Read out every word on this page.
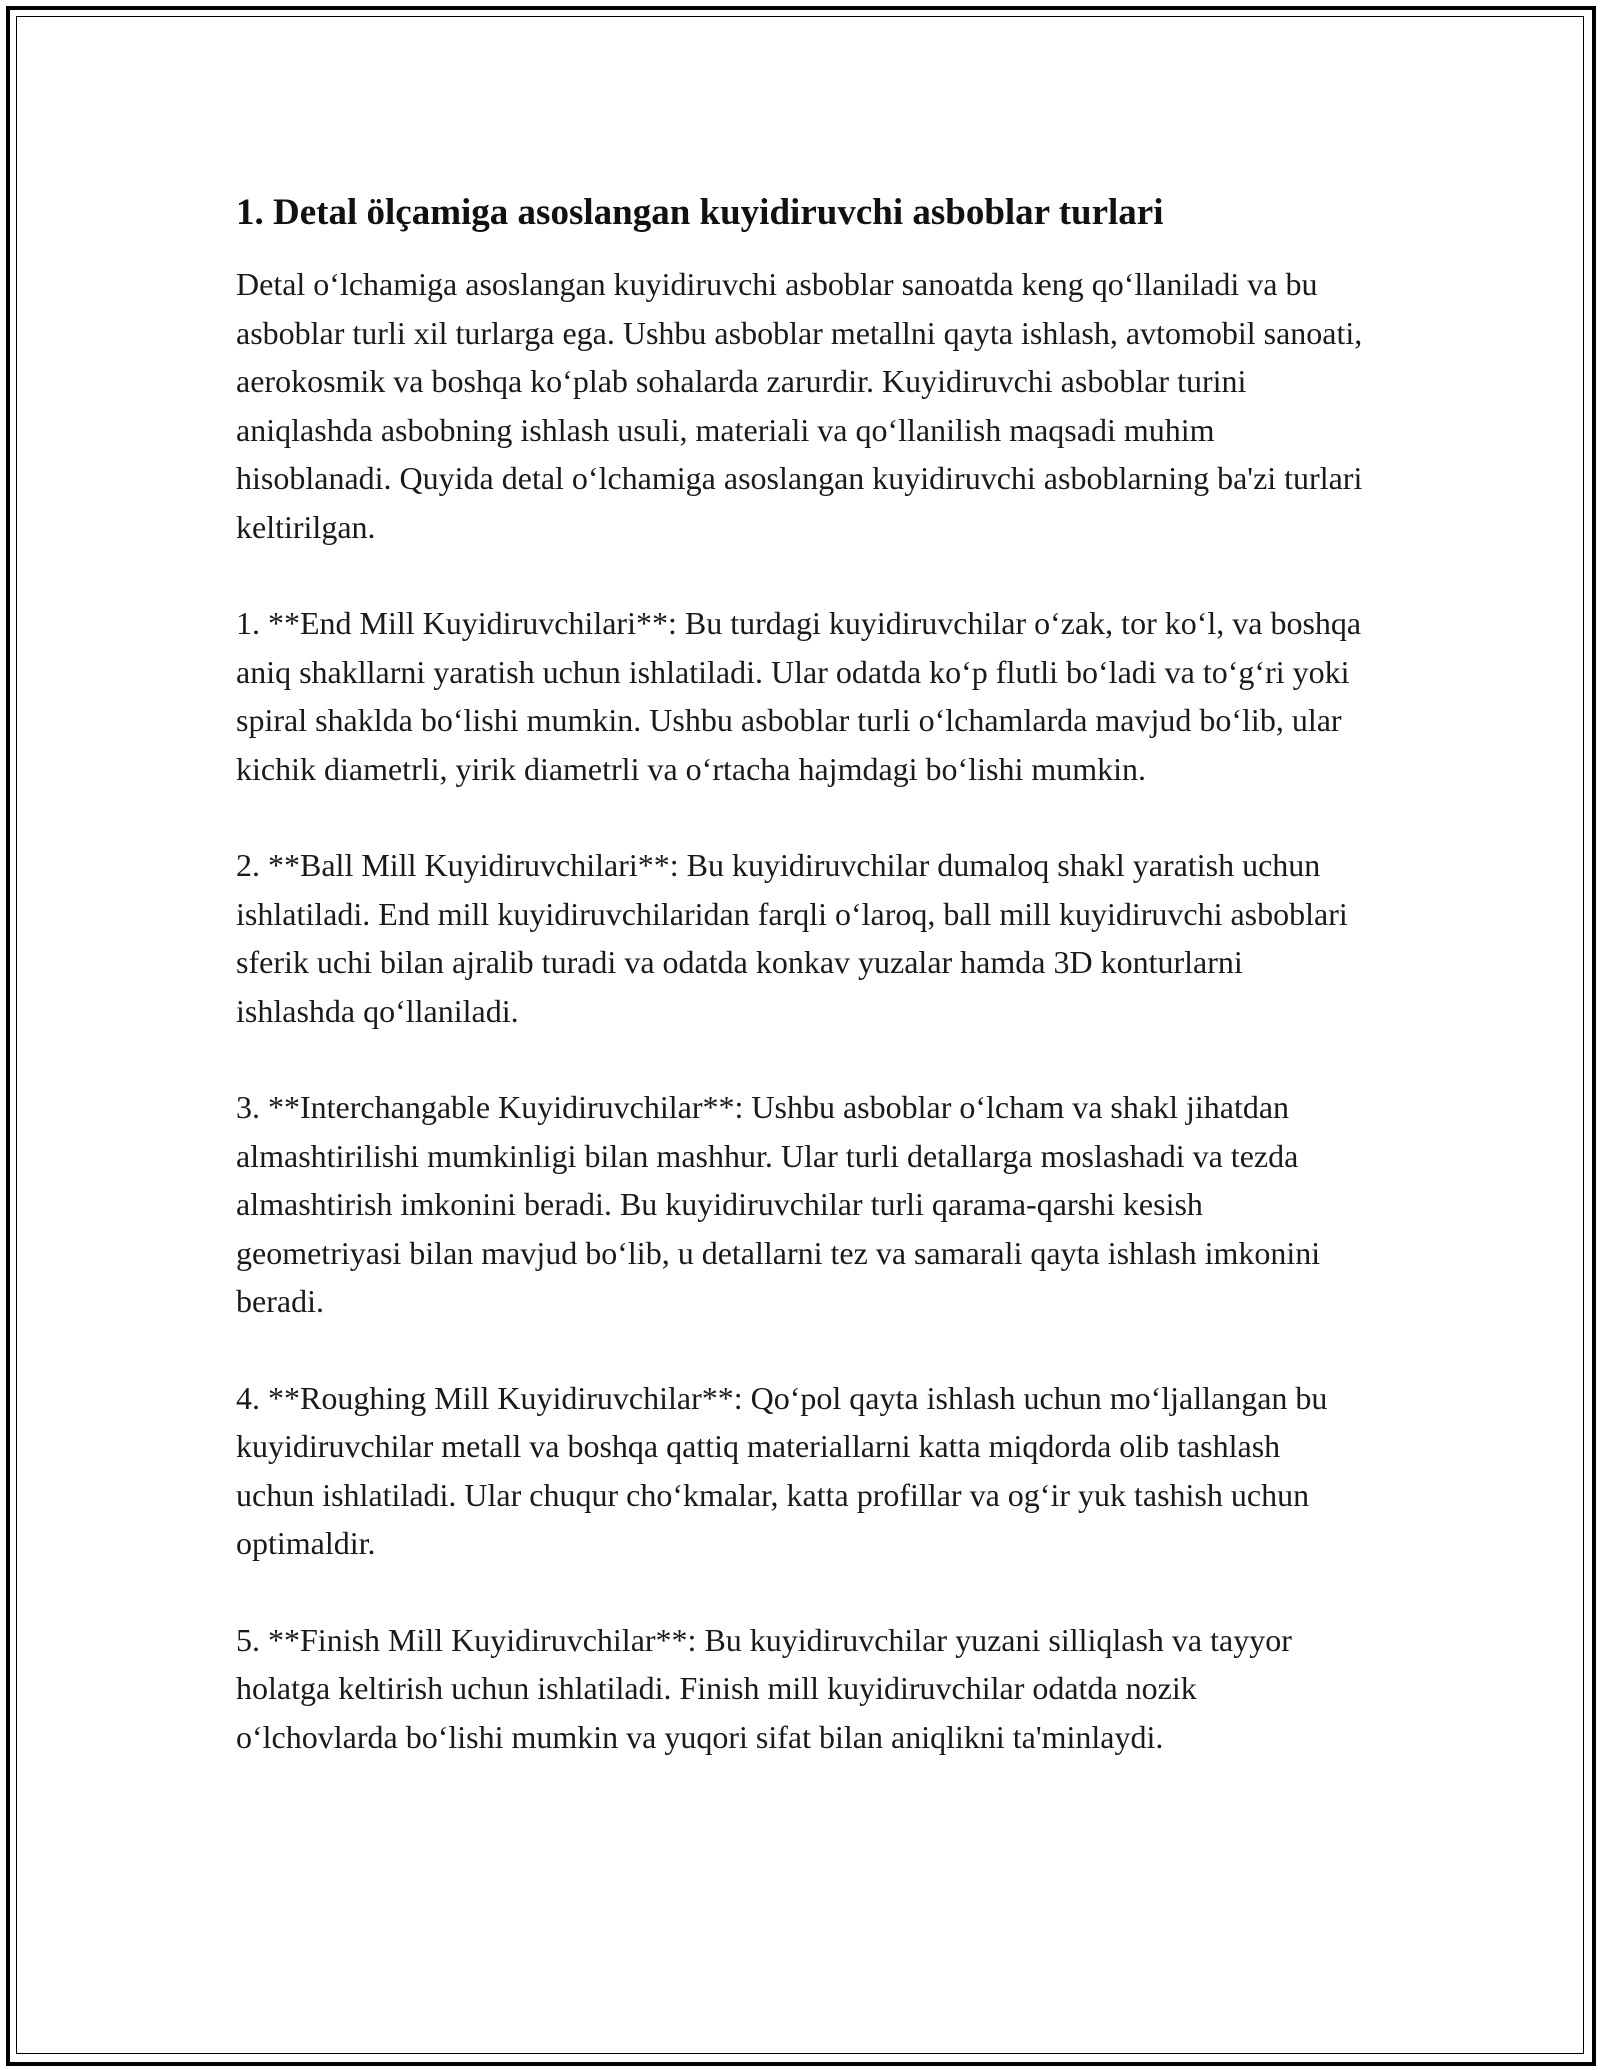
1. Detal ölçamiga asoslangan kuyidiruvchi asboblar turlari

Detal o‘lchamiga asoslangan kuyidiruvchi asboblar sanoatda keng qo‘llaniladi va bu asboblar turli xil turlarga ega. Ushbu asboblar metallni qayta ishlash, avtomobil sanoati, aerokosmik va boshqa ko‘plab sohalarda zarurdir. Kuyidiruvchi asboblar turini aniqlashda asbobning ishlash usuli, materiali va qo‘llanilish maqsadi muhim hisoblanadi. Quyida detal o‘lchamiga asoslangan kuyidiruvchi asboblarning ba'zi turlari keltirilgan.

1. **End Mill Kuyidiruvchilari**: Bu turdagi kuyidiruvchilar o‘zak, tor ko‘l, va boshqa aniq shakllarni yaratish uchun ishlatiladi. Ular odatda ko‘p flutli bo‘ladi va to‘g‘ri yoki spiral shaklda bo‘lishi mumkin. Ushbu asboblar turli o‘lchamlarda mavjud bo‘lib, ular kichik diametrli, yirik diametrli va o‘rtacha hajmdagi bo‘lishi mumkin.

2. **Ball Mill Kuyidiruvchilari**: Bu kuyidiruvchilar dumaloq shakl yaratish uchun ishlatiladi. End mill kuyidiruvchilaridan farqli o‘laroq, ball mill kuyidiruvchi asboblari sferik uchi bilan ajralib turadi va odatda konkav yuzalar hamda 3D konturlarni ishlashda qo‘llaniladi.

3. **Interchangable Kuyidiruvchilar**: Ushbu asboblar o‘lcham va shakl jihatdan almashtirilishi mumkinligi bilan mashhur. Ular turli detallarga moslashadi va tezda almashtirish imkonini beradi. Bu kuyidiruvchilar turli qarama-qarshi kesish geometriyasi bilan mavjud bo‘lib, u detallarni tez va samarali qayta ishlash imkonini beradi.

4. **Roughing Mill Kuyidiruvchilar**: Qo‘pol qayta ishlash uchun mo‘ljallangan bu kuyidiruvchilar metall va boshqa qattiq materiallarni katta miqdorda olib tashlash uchun ishlatiladi. Ular chuqur cho‘kmalar, katta profillar va og‘ir yuk tashish uchun optimaldir.

5. **Finish Mill Kuyidiruvchilar**: Bu kuyidiruvchilar yuzani silliqlash va tayyor holatga keltirish uchun ishlatiladi. Finish mill kuyidiruvchilar odatda nozik o‘lchovlarda bo‘lishi mumkin va yuqori sifat bilan aniqlikni ta'minlaydi.
